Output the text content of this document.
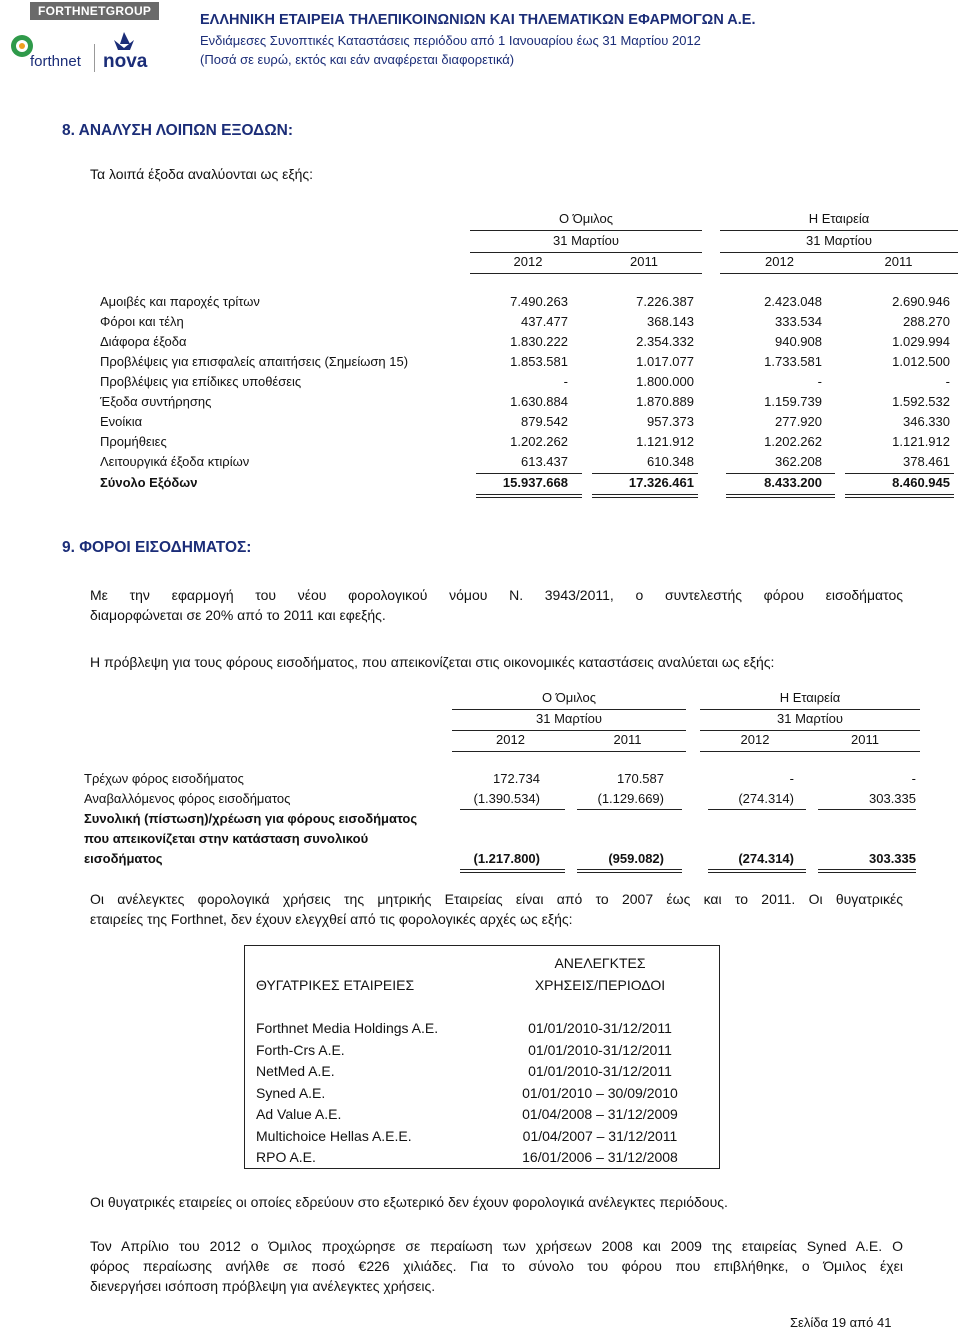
FORTHNETGROUP
forthnet nova
ΕΛΛΗΝΙΚΗ ΕΤΑΙΡΕΙΑ ΤΗΛΕΠΙΚΟΙΝΩΝΙΩΝ ΚΑΙ ΤΗΛΕΜΑΤΙΚΩΝ ΕΦΑΡΜΟΓΩΝ Α.Ε.
Ενδιάμεσες Συνοπτικές Καταστάσεις περιόδου από 1 Ιανουαρίου έως 31 Μαρτίου 2012
(Ποσά σε ευρώ, εκτός και εάν αναφέρεται διαφορετικά)
8. ΑΝΑΛΥΣΗ ΛΟΙΠΩΝ ΕΞΟΔΩΝ:
Τα λοιπά έξοδα αναλύονται ως εξής:
Ο Όμιλος	Η Εταιρεία
31 Μαρτίου	31 Μαρτίου
2012	2011	2012	2011
Αμοιβές και παροχές τρίτων	7.490.263	7.226.387	2.423.048	2.690.946
Φόροι και τέλη	437.477	368.143	333.534	288.270
Διάφορα έξοδα	1.830.222	2.354.332	940.908	1.029.994
Προβλέψεις για επισφαλείς απαιτήσεις (Σημείωση 15)	1.853.581	1.017.077	1.733.581	1.012.500
Προβλέψεις για επίδικες υποθέσεις	-	1.800.000	-	-
Έξοδα συντήρησης	1.630.884	1.870.889	1.159.739	1.592.532
Ενοίκια	879.542	957.373	277.920	346.330
Προμήθειες	1.202.262	1.121.912	1.202.262	1.121.912
Λειτουργικά έξοδα κτιρίων	613.437	610.348	362.208	378.461
Σύνολο Εξόδων	15.937.668	17.326.461	8.433.200	8.460.945
9. ΦΟΡΟΙ ΕΙΣΟΔΗΜΑΤΟΣ:
Με την εφαρμογή του νέου φορολογικού νόμου Ν. 3943/2011, ο συντελεστής φόρου εισοδήματος
διαμορφώνεται σε 20% από το 2011 και εφεξής.
Η πρόβλεψη για τους φόρους εισοδήματος, που απεικονίζεται στις οικονομικές καταστάσεις αναλύεται ως εξής:
Ο Όμιλος	Η Εταιρεία
31 Μαρτίου	31 Μαρτίου
2012	2011	2012	2011
Τρέχων φόρος εισοδήματος	172.734	170.587	-	-
Αναβαλλόμενος φόρος εισοδήματος	(1.390.534)	(1.129.669)	(274.314)	303.335
Συνολική (πίστωση)/χρέωση για φόρους εισοδήματος
που απεικονίζεται στην κατάσταση συνολικού
εισοδήματος	(1.217.800)	(959.082)	(274.314)	303.335
Οι ανέλεγκτες φορολογικά χρήσεις της μητρικής Εταιρείας είναι από το 2007 έως και το 2011. Οι θυγατρικές
εταιρείες της Forthnet, δεν έχουν ελεγχθεί από τις φορολογικές αρχές ως εξής:
ΘΥΓΑΤΡΙΚΕΣ ΕΤΑΙΡΕΙΕΣ
ΑΝΕΛΕΓΚΤΕΣ
ΧΡΗΣΕΙΣ/ΠΕΡΙΟΔΟΙ
Forthnet Media Holdings A.E.	01/01/2010-31/12/2011
Forth-Crs A.E.	01/01/2010-31/12/2011
NetMed A.E.	01/01/2010-31/12/2011
Syned A.E.	01/01/2010 – 30/09/2010
Ad Value A.E.	01/04/2008 – 31/12/2009
Multichoice Hellas A.E.E.	01/04/2007 – 31/12/2011
RPO A.E.	16/01/2006 – 31/12/2008
Οι θυγατρικές εταιρείες οι οποίες εδρεύουν στο εξωτερικό δεν έχουν φορολογικά ανέλεγκτες περιόδους.
Τον Απρίλιο του 2012 ο Όμιλος προχώρησε σε περαίωση των χρήσεων 2008 και 2009 της εταιρείας Syned A.E. Ο
φόρος περαίωσης ανήλθε σε ποσό €226 χιλιάδες. Για το σύνολο του φόρου που επιβλήθηκε, ο Όμιλος έχει
διενεργήσει ισόποση πρόβλεψη για ανέλεγκτες χρήσεις.
Σελίδα 19 από 41
